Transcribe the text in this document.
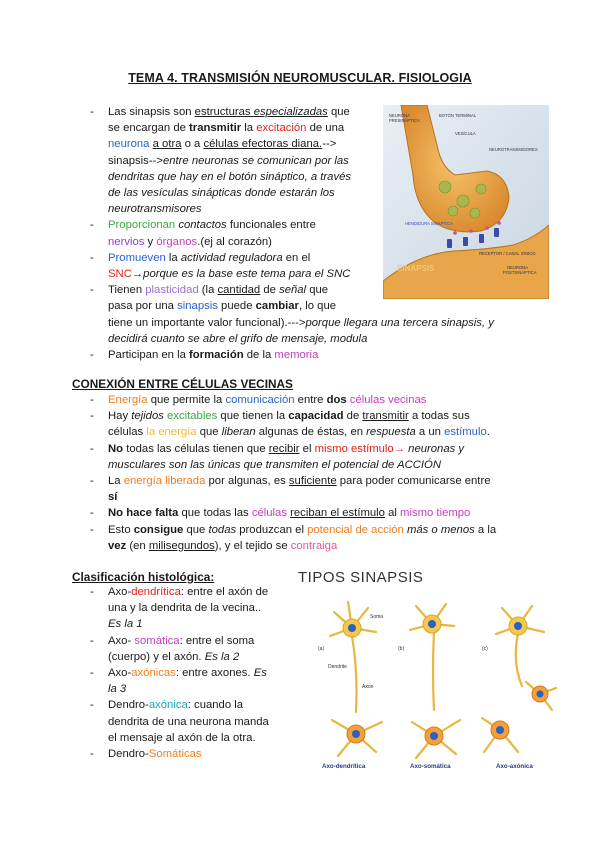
TEMA 4. TRANSMISIÓN NEUROMUSCULAR. FISIOLOGIA
- Las sinapsis son estructuras especializadas que
se encargan de transmitir la excitación de una
neurona a otra o a células efectoras diana.-->
sinapsis-->entre neuronas se comunican por las
dendritas que hay en el botón sináptico, a través
de las vesículas sinápticas donde estarán los
neurotransmisores
- Proporcionan contactos funcionales entre
nervios y órganos.(ej al corazón)
- Promueven la actividad reguladora en el
SNC→porque es la base este tema para el SNC
- Tienen plasticidad (la cantidad de señal que
pasa por una sinapsis puede cambiar, lo que
tiene un importante valor funcional).--->porque llegara una tercera sinapsis, y
decidirá cuanto se abre el grifo de mensaje, modula
- Participan en la formación de la memoria
NEURONA
PRESINÁPTICA
BOTÓN TERMINAL
VESÍCULA
NEUROTRANSMISORES
HENDIDURA SINÁPTICA
RECEPTOR / CANAL IÓNICO
NEURONA
POSTSINÁPTICA
SINAPSIS
CONEXIÓN ENTRE CÉLULAS VECINAS
- Energía que permite la comunicación entre dos células vecinas
- Hay tejidos excitables que tienen la capacidad de transmitir a todas sus
células la energía que liberan algunas de éstas, en respuesta a un estímulo.
- No todas las células tienen que recibir el mismo estímulo→ neuronas y
musculares son las únicas que transmiten el potencial de ACCIÓN
- La energía liberada por algunas, es suficiente para poder comunicarse entre
sí
- No hace falta que todas las células reciban el estímulo al mismo tiempo
- Esto consigue que todas produzcan el potencial de acción más o menos a la
vez (en milisegundos), y el tejido se contraiga
Clasificación histológica:
- Axo-dendrítica: entre el axón de
una y la dendrita de la vecina..
Es la 1
- Axo- somática: entre el soma
(cuerpo) y el axón. Es la 2
- Axo-axónicas: entre axones. Es
la 3
- Dendro-axónica: cuando la
dendrita de una neurona manda
el mensaje al axón de la otra.
- Dendro-Somáticas
TIPOS SINAPSIS
(a)	(b)	(c)
Soma
Dendrite
Axon
Axo-dendrítica	Axo-somática	Axo-axónica
